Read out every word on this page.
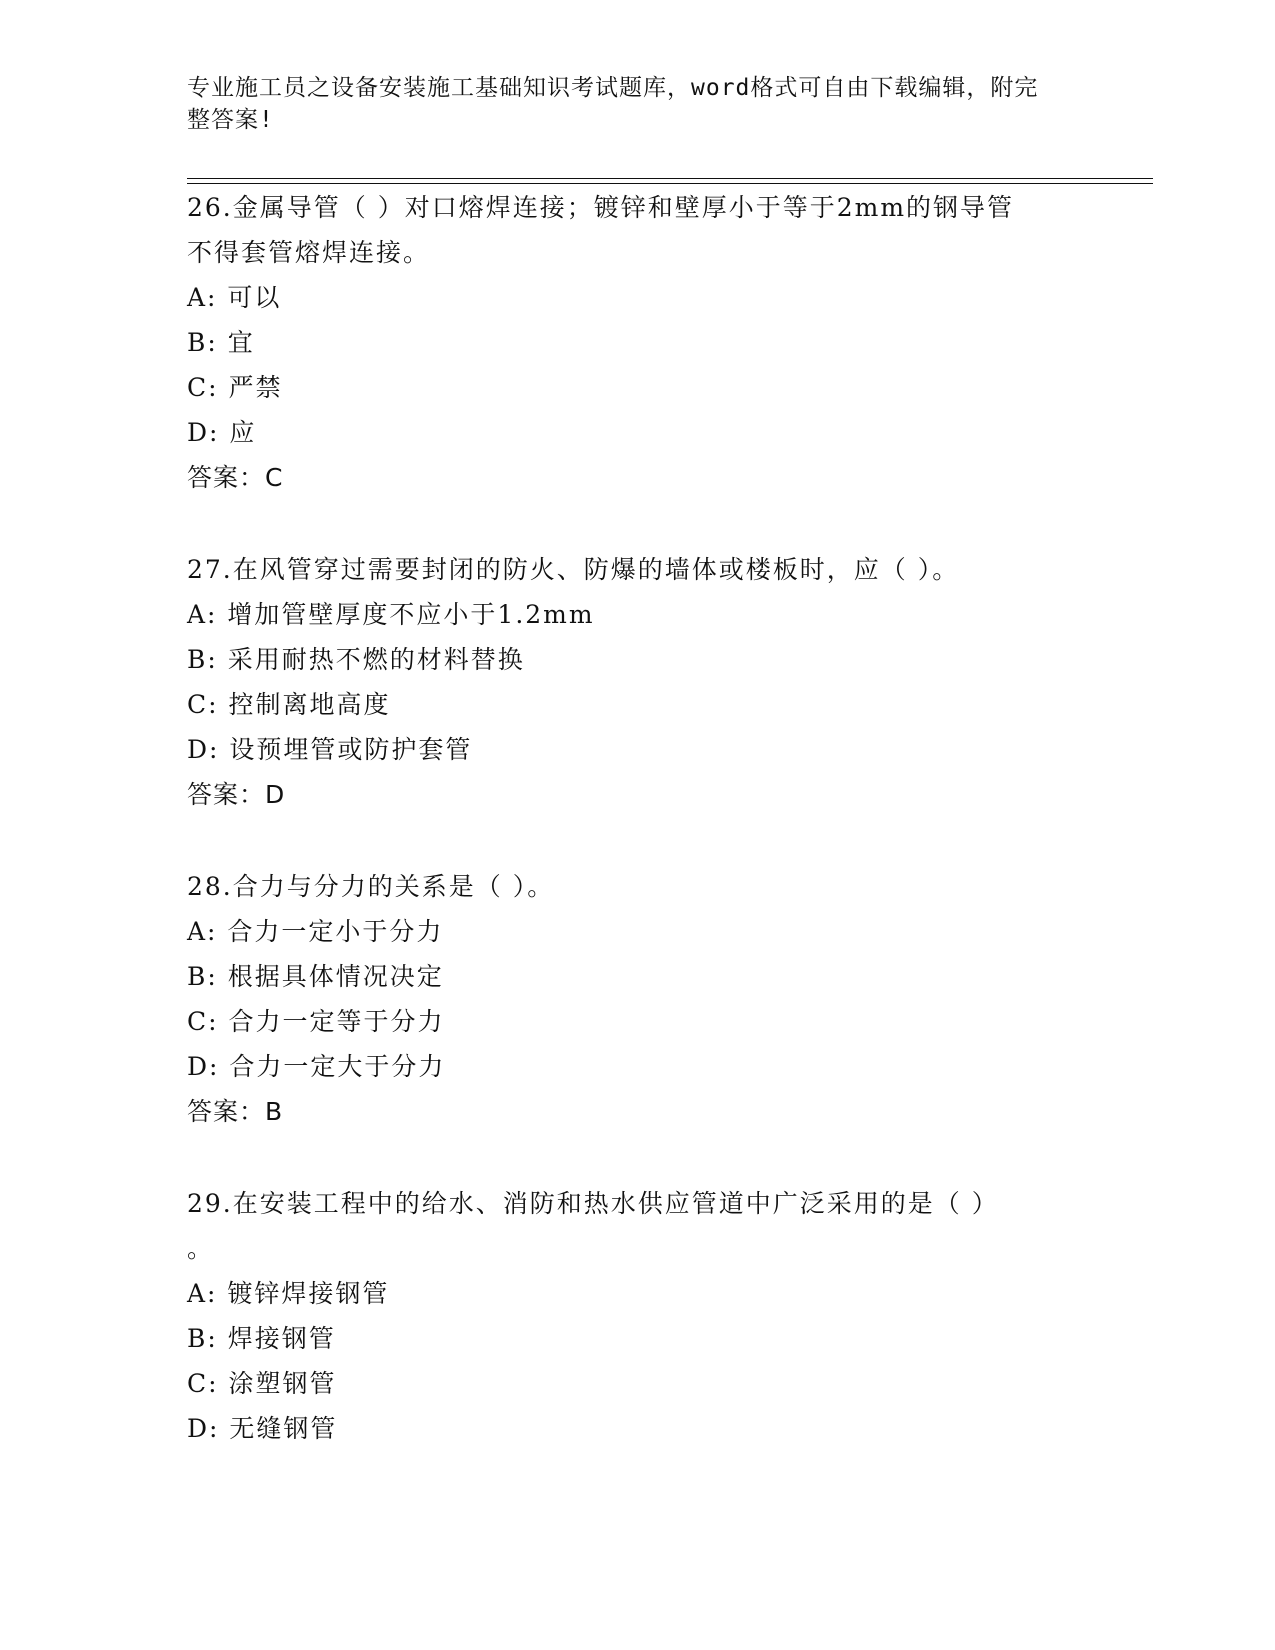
专业施工员之设备安装施工基础知识考试题库，word格式可自由下载编辑，附完
整答案!
26.金属导管（ ）对口熔焊连接；镀锌和壁厚小于等于2mm的钢导管
不得套管熔焊连接。
A: 可以
B: 宜
C: 严禁
D: 应
答案：C
27.在风管穿过需要封闭的防火、防爆的墙体或楼板时，应（ ）。
A: 增加管壁厚度不应小于1.2mm
B: 采用耐热不燃的材料替换
C: 控制离地高度
D: 设预埋管或防护套管
答案：D
28.合力与分力的关系是（ ）。
A: 合力一定小于分力
B: 根据具体情况决定
C: 合力一定等于分力
D: 合力一定大于分力
答案：B
29.在安装工程中的给水、消防和热水供应管道中广泛采用的是（ ）
。
A: 镀锌焊接钢管
B: 焊接钢管
C: 涂塑钢管
D: 无缝钢管
